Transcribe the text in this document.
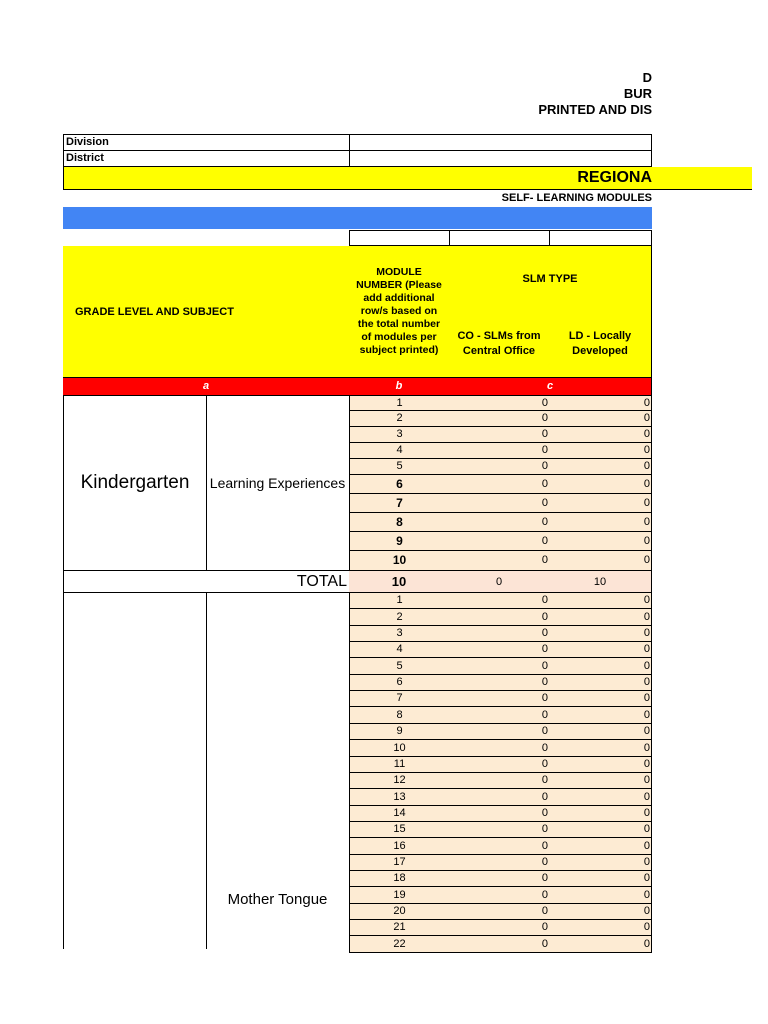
D
BUR
PRINTED AND DIS
Division
District
REGIONA
SELF- LEARNING MODULES
GRADE LEVEL AND SUBJECT
MODULE NUMBER (Please add additional row/s based on the total number of modules per subject printed)
SLM TYPE
CO - SLMs from Central Office
LD - Locally Developed
a	b	c
Kindergarten Learning Experiences
1	0	0
2	0	0
3	0	0
4	0	0
5	0	0
6	0	0
7	0	0
8	0	0
9	0	0
10	0	0
TOTAL	10	0	10
Mother Tongue
1	0	0
2	0	0
3	0	0
4	0	0
5	0	0
6	0	0
7	0	0
8	0	0
9	0	0
10	0	0
11	0	0
12	0	0
13	0	0
14	0	0
15	0	0
16	0	0
17	0	0
18	0	0
19	0	0
20	0	0
21	0	0
22	0	0
